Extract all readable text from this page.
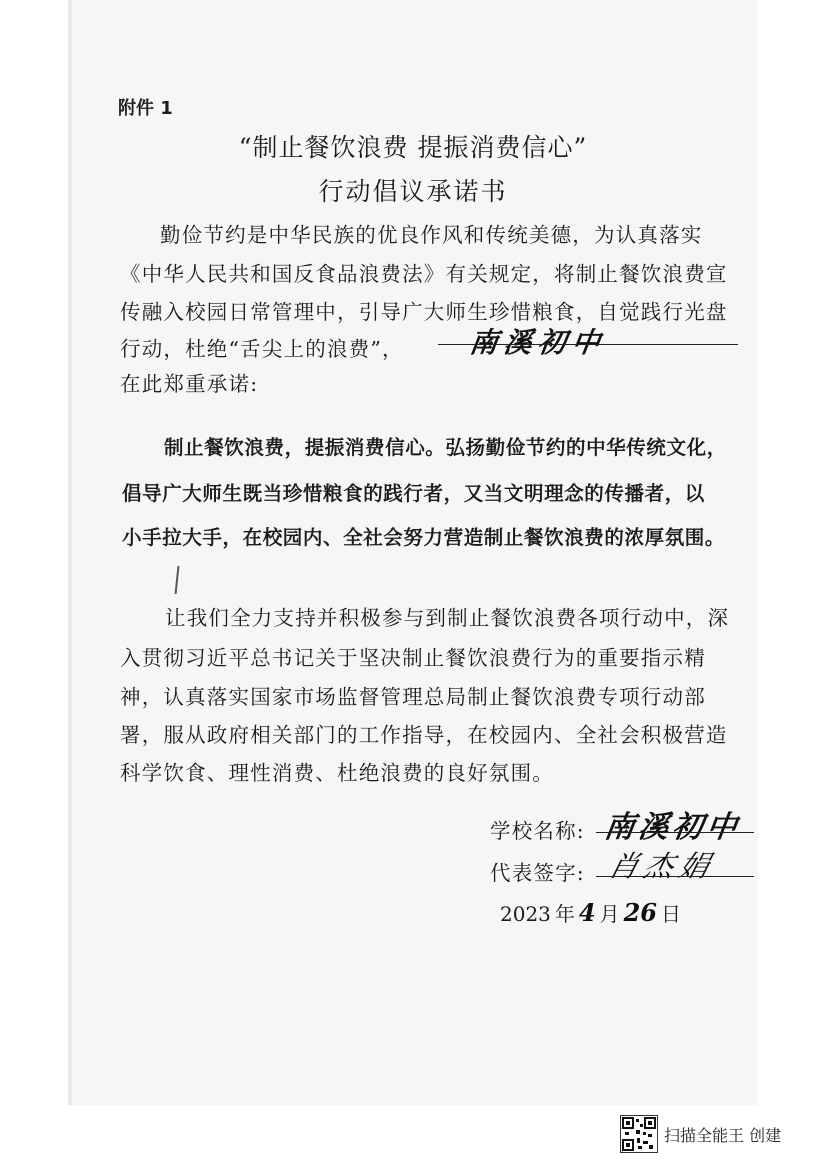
附件 1
“制止餐饮浪费 提振消费信心”
行动倡议承诺书
勤俭节约是中华民族的优良作风和传统美德，为认真落实
《中华人民共和国反食品浪费法》有关规定，将制止餐饮浪费宣
传融入校园日常管理中，引导广大师生珍惜粮食，自觉践行光盘
行动，杜绝“舌尖上的浪费”， 南溪初中
在此郑重承诺:
制止餐饮浪费，提振消费信心。弘扬勤俭节约的中华传统文化，
倡导广大师生既当珍惜粮食的践行者，又当文明理念的传播者，以
小手拉大手，在校园内、全社会努力营造制止餐饮浪费的浓厚氛围。
让我们全力支持并积极参与到制止餐饮浪费各项行动中，深
入贯彻习近平总书记关于坚决制止餐饮浪费行为的重要指示精
神，认真落实国家市场监督管理总局制止餐饮浪费专项行动部
署，服从政府相关部门的工作指导，在校园内、全社会积极营造
科学饮食、理性消费、杜绝浪费的良好氛围。
学校名称: 南溪初中
代表签字: 肖杰娟
2023 年 4 月 26 日
扫描全能王 创建
